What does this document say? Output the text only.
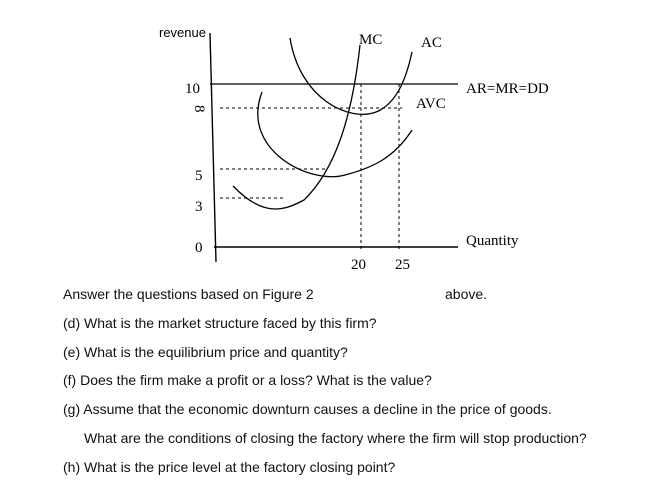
revenue
Quantity
MC	AC
AVC
AR=MR=DD
10
8
5
3
0
20 25
Answer the questions based on Figure 2	above.
(d) What is the market structure faced by this firm?
(e) What is the equilibrium price and quantity?
(f) Does the firm make a profit or a loss? What is the value?
(g) Assume that the economic downturn causes a decline in the price of goods.
What are the conditions of closing the factory where the firm will stop production?
(h) What is the price level at the factory closing point?
